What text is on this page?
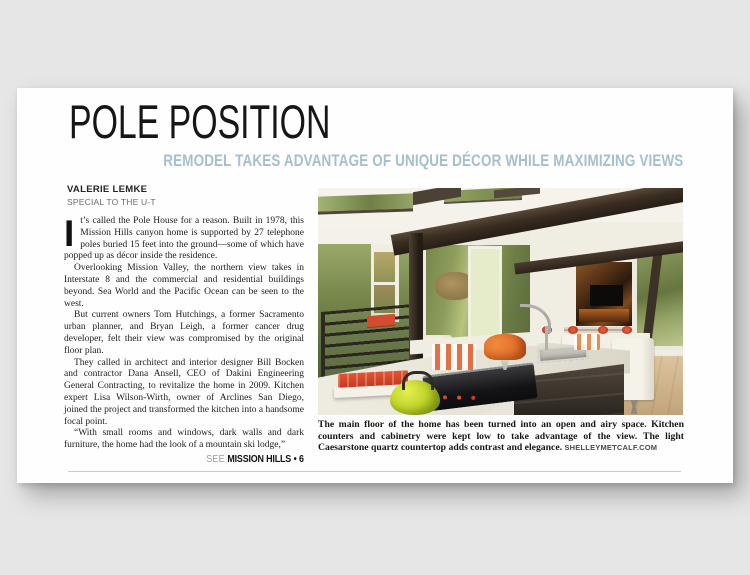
POLE POSITION
REMODEL TAKES ADVANTAGE OF UNIQUE DÉCOR WHILE MAXIMIZING VIEWS
VALERIE LEMKE
SPECIAL TO THE U-T

It’s called the Pole House for a reason. Built in 1978, this Mission Hills canyon home is supported by 27 telephone poles buried 15 feet into the ground—some of which have popped up as décor inside the residence.

Overlooking Mission Valley, the northern view takes in Interstate 8 and the commercial and residential buildings beyond. Sea World and the Pacific Ocean can be seen to the west.

But current owners Tom Hutchings, a former Sacramento urban planner, and Bryan Leigh, a former cancer drug developer, felt their view was compromised by the original floor plan.

They called in architect and interior designer Bill Bocken and contractor Dana Ansell, CEO of Dakini Engineering General Contracting, to revitalize the home in 2009. Kitchen expert Lisa Wilson-Wirth, owner of Arclines San Diego, joined the project and transformed the kitchen into a handsome focal point.

“With small rooms and windows, dark walls and dark furniture, the home had the look of a mountain ski lodge,”

SEE MISSION HILLS • 6
The main floor of the home has been turned into an open and airy space. Kitchen counters and cabinetry were kept low to take advantage of the view. The light Caesarstone quartz countertop adds contrast and elegance. SHELLEYMETCALF.COM
